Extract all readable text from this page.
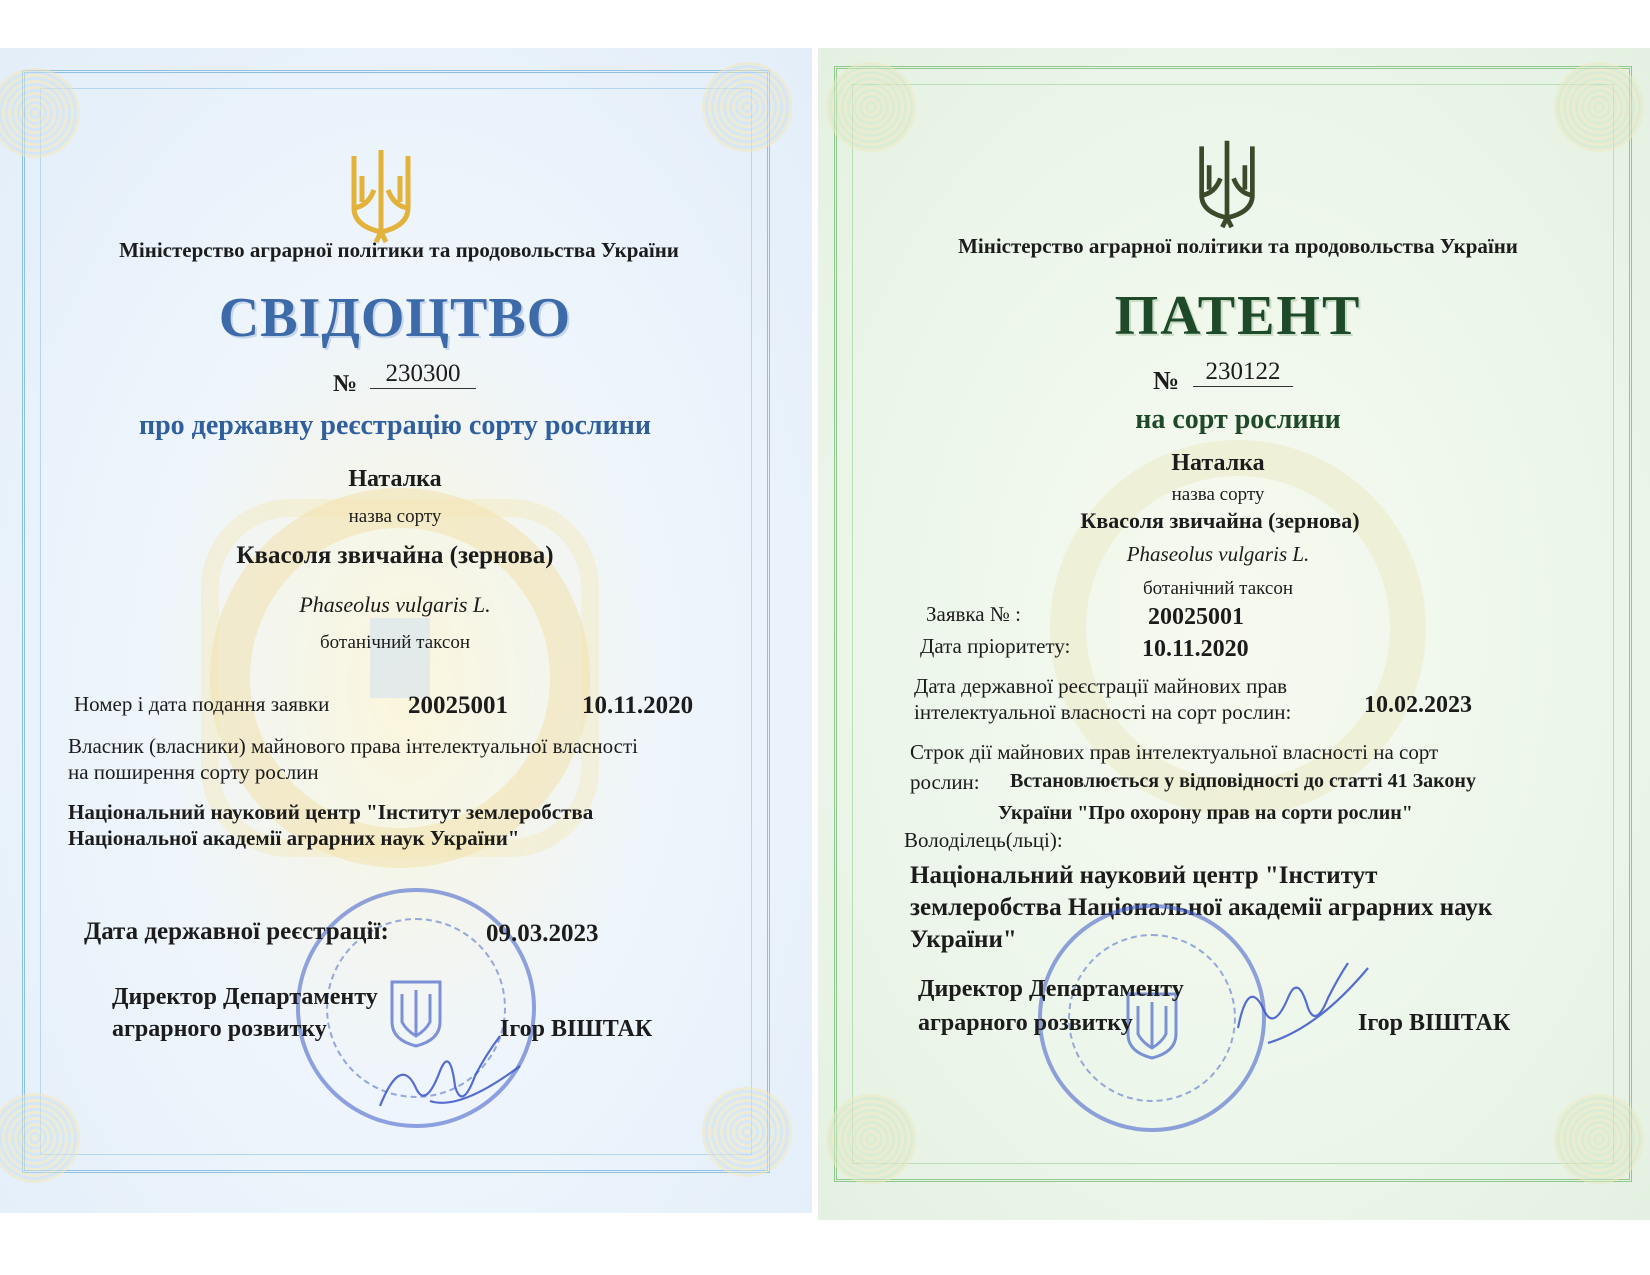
Міністерство аграрної політики та продовольства України
СВІДОЦТВО
№	230300
про державну реєстрацію сорту рослини
Наталка
назва сорту
Квасоля звичайна (зернова)
Phaseolus vulgaris L.
ботанічний таксон
Номер і дата подання заявки	20025001	10.11.2020
Власник (власники) майнового права інтелектуальної власності
на поширення сорту рослин
Національний науковий центр "Інститут землеробства
Національної академії аграрних наук України"
Дата державної реєстрації:	09.03.2023
Директор Департаменту
аграрного розвитку	Ігор ВІШТАК
Міністерство аграрної політики та продовольства України
ПАТЕНТ
№	230122
на сорт рослини
Наталка
назва сорту
Квасоля звичайна (зернова)
Phaseolus vulgaris L.
ботанічний таксон
Заявка № :	20025001
Дата пріоритету:	10.11.2020
Дата державної реєстрації майнових прав
інтелектуальної власності на сорт рослин:	10.02.2023
Строк дії майнових прав інтелектуальної власності на сорт
рослин: Встановлюється у відповідності до статті 41 Закону
України "Про охорону прав на сорти рослин"
Володілець(льці):
Національний науковий центр "Інститут
землеробства Національної академії аграрних наук
України"
Директор Департаменту
аграрного розвитку	Ігор ВІШТАК
